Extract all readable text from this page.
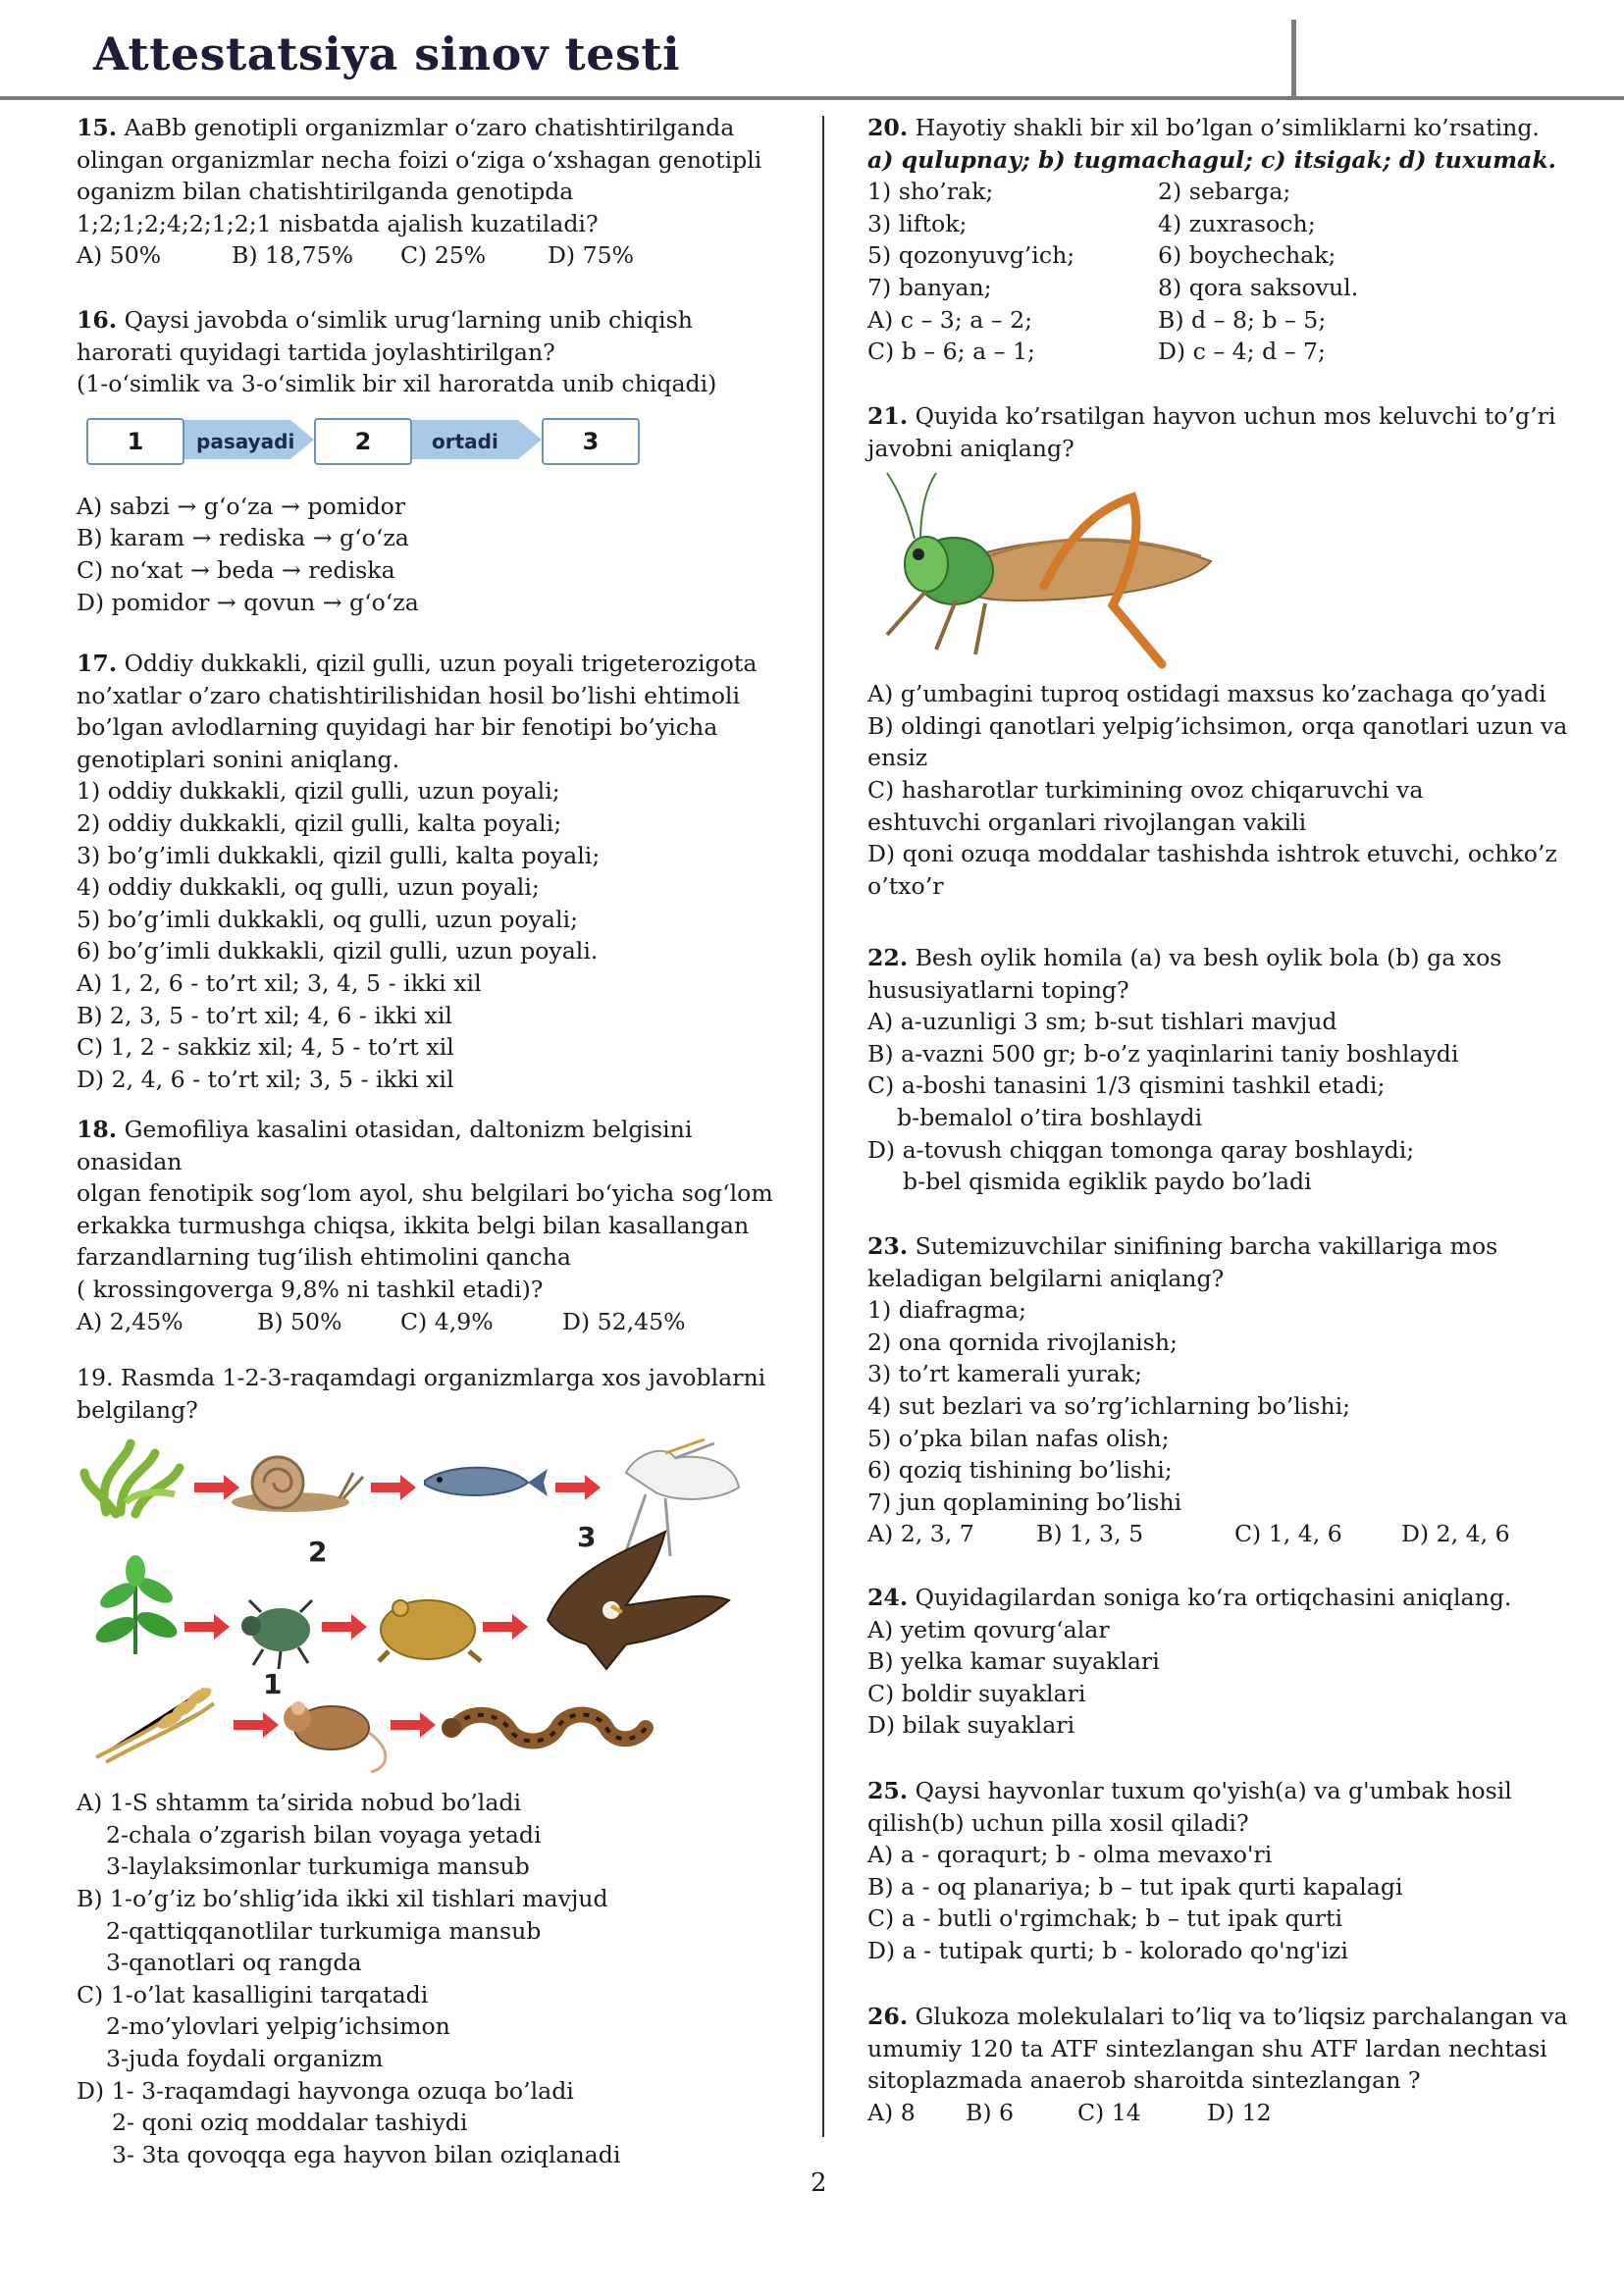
Attestatsiya sinov testi
15. AaBb genotipli organizmlar o‘zaro chatishtirilganda
olingan organizmlar necha foizi o‘ziga o‘xshagan genotipli
oganizm bilan chatishtirilganda genotipda
1;2;1;2;4;2;1;2;1 nisbatda ajalish kuzatiladi?
A) 50%	B) 18,75% C) 25%	D) 75%
16. Qaysi javobda o‘simlik urug‘larning unib chiqish
harorati quyidagi tartida joylashtirilgan?
(1-o‘simlik va 3-o‘simlik bir xil haroratda unib chiqadi)
1	pasayadi	2	ortadi	3
A) sabzi → g‘o‘za → pomidor
B) karam → rediska → g‘o‘za
C) no‘xat → beda → rediska
D) pomidor → qovun → g‘o‘za
17. Oddiy dukkakli, qizil gulli, uzun poyali trigeterozigota
no’xatlar o’zaro chatishtirilishidan hosil bo’lishi ehtimoli
bo’lgan avlodlarning quyidagi har bir fenotipi bo’yicha
genotiplari sonini aniqlang.
1) oddiy dukkakli, qizil gulli, uzun poyali;
2) oddiy dukkakli, qizil gulli, kalta poyali;
3) bo’g’imli dukkakli, qizil gulli, kalta poyali;
4) oddiy dukkakli, oq gulli, uzun poyali;
5) bo’g’imli dukkakli, oq gulli, uzun poyali;
6) bo’g’imli dukkakli, qizil gulli, uzun poyali.
A) 1, 2, 6 - to’rt xil; 3, 4, 5 - ikki xil
B) 2, 3, 5 - to’rt xil; 4, 6 - ikki xil
C) 1, 2 - sakkiz xil; 4, 5 - to’rt xil
D) 2, 4, 6 - to’rt xil; 3, 5 - ikki xil
18. Gemofiliya kasalini otasidan, daltonizm belgisini
onasidan
olgan fenotipik sog‘lom ayol, shu belgilari bo‘yicha sog‘lom
erkakka turmushga chiqsa, ikkita belgi bilan kasallangan
farzandlarning tug‘ilish ehtimolini qancha
( krossingoverga 9,8% ni tashkil etadi)?
A) 2,45%	B) 50%	C) 4,9%	D) 52,45%
19. Rasmda 1-2-3-raqamdagi organizmlarga xos javoblarni
belgilang?
3
2
1
A) 1-S shtamm ta’sirida nobud bo’ladi
2-chala o’zgarish bilan voyaga yetadi
3-laylaksimonlar turkumiga mansub
B) 1-o’g’iz bo’shlig’ida ikki xil tishlari mavjud
2-qattiqqanotlilar turkumiga mansub
3-qanotlari oq rangda
C) 1-o’lat kasalligini tarqatadi
2-mo’ylovlari yelpig’ichsimon
3-juda foydali organizm
D) 1- 3-raqamdagi hayvonga ozuqa bo’ladi
2- qoni oziq moddalar tashiydi
3- 3ta qovoqqa ega hayvon bilan oziqlanadi
20. Hayotiy shakli bir xil bo’lgan o’simliklarni ko’rsating.
a) qulupnay; b) tugmachagul; c) itsigak; d) tuxumak.
1) sho’rak;	2) sebarga;
3) liftok;	4) zuxrasoch;
5) qozonyuvg’ich;	6) boychechak;
7) banyan;	8) qora saksovul.
A) c – 3; a – 2;	B) d – 8; b – 5;
C) b – 6; a – 1;	D) c – 4; d – 7;
21. Quyida ko’rsatilgan hayvon uchun mos keluvchi to’g’ri
javobni aniqlang?
A) g’umbagini tuproq ostidagi maxsus ko’zachaga qo’yadi
B) oldingi qanotlari yelpig’ichsimon, orqa qanotlari uzun va
ensiz
C) hasharotlar turkimining ovoz chiqaruvchi va
eshtuvchi organlari rivojlangan vakili
D) qoni ozuqa moddalar tashishda ishtrok etuvchi, ochko’z
o’txo’r
22. Besh oylik homila (a) va besh oylik bola (b) ga xos
hususiyatlarni toping?
A) a-uzunligi 3 sm; b-sut tishlari mavjud
B) a-vazni 500 gr; b-o’z yaqinlarini taniy boshlaydi
C) a-boshi tanasini 1/3 qismini tashkil etadi;
b-bemalol o’tira boshlaydi
D) a-tovush chiqgan tomonga qaray boshlaydi;
b-bel qismida egiklik paydo bo’ladi
23. Sutemizuvchilar sinifining barcha vakillariga mos
keladigan belgilarni aniqlang?
1) diafragma;
2) ona qornida rivojlanish;
3) to’rt kamerali yurak;
4) sut bezlari va so’rg’ichlarning bo’lishi;
5) o’pka bilan nafas olish;
6) qoziq tishining bo’lishi;
7) jun qoplamining bo’lishi
A) 2, 3, 7	B) 1, 3, 5	C) 1, 4, 6	D) 2, 4, 6
24. Quyidagilardan soniga ko‘ra ortiqchasini aniqlang.
A) yetim qovurg‘alar
B) yelka kamar suyaklari
C) boldir suyaklari
D) bilak suyaklari
25. Qaysi hayvonlar tuxum qo'yish(a) va g'umbak hosil
qilish(b) uchun pilla xosil qiladi?
A) a - qoraqurt; b - olma mevaxo'ri
B) a - oq planariya; b – tut ipak qurti kapalagi
C) a - butli o'rgimchak; b – tut ipak qurti
D) a - tutipak qurti; b - kolorado qo'ng'izi
26. Glukoza molekulalari to’liq va to’liqsiz parchalangan va
umumiy 120 ta ATF sintezlangan shu ATF lardan nechtasi
sitoplazmada anaerob sharoitda sintezlangan ?
A) 8 B) 6	C) 14	D) 12
2
